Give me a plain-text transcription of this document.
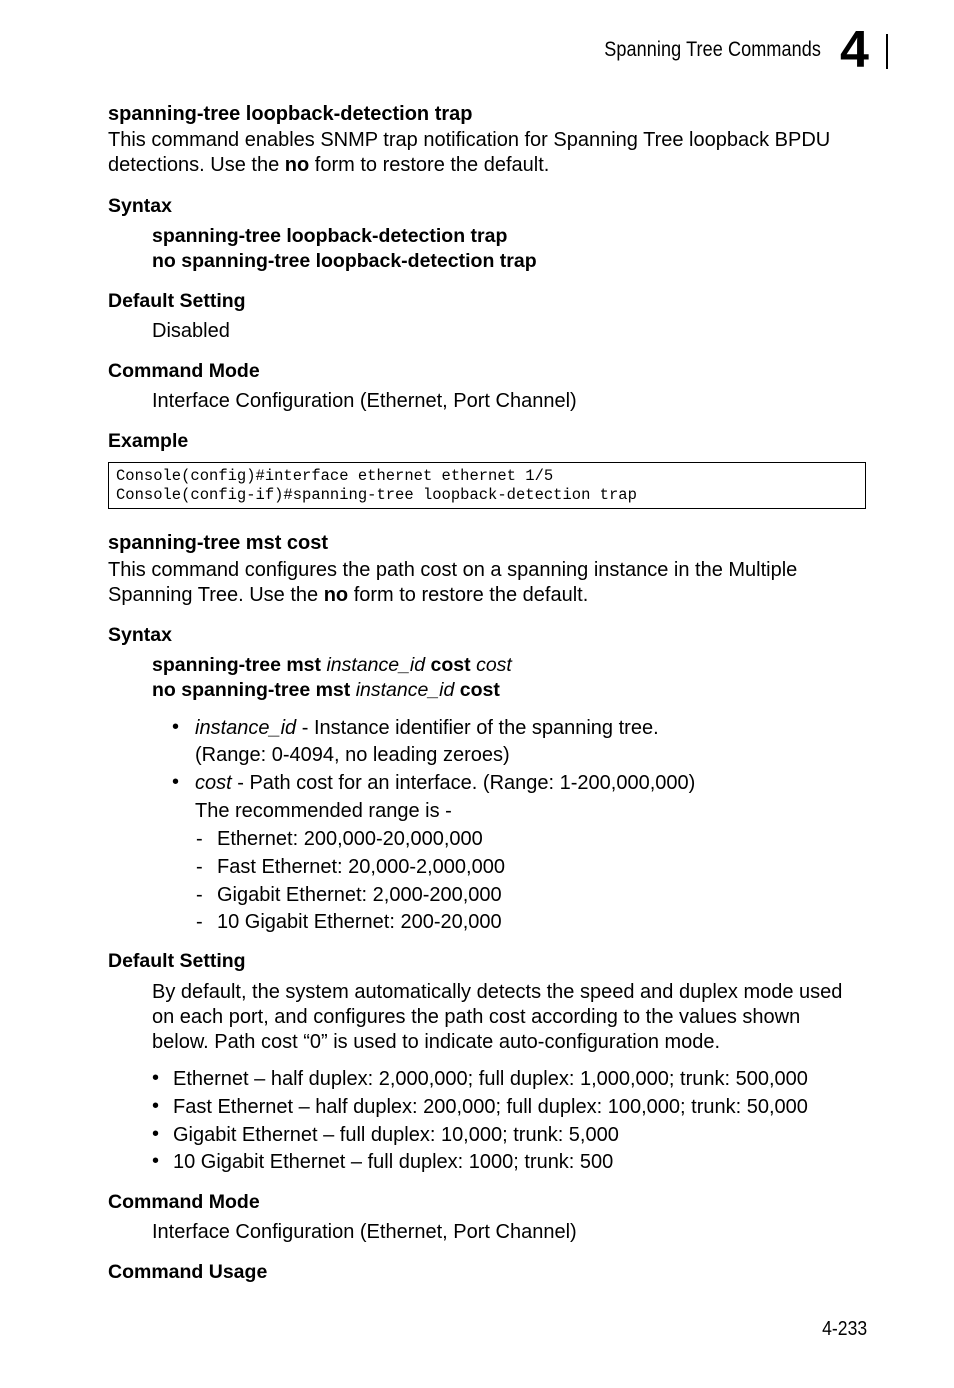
Spanning Tree Commands 4
spanning-tree loopback-detection trap
This command enables SNMP trap notification for Spanning Tree loopback BPDU detections. Use the no form to restore the default.
Syntax
spanning-tree loopback-detection trap
no spanning-tree loopback-detection trap
Default Setting
Disabled
Command Mode
Interface Configuration (Ethernet, Port Channel)
Example
Console(config)#interface ethernet ethernet 1/5
Console(config-if)#spanning-tree loopback-detection trap
spanning-tree mst cost
This command configures the path cost on a spanning instance in the Multiple
Spanning Tree. Use the no form to restore the default.
Syntax
spanning-tree mst instance_id cost cost
no spanning-tree mst instance_id cost
• instance_id - Instance identifier of the spanning tree.
(Range: 0-4094, no leading zeroes)
• cost - Path cost for an interface. (Range: 1-200,000,000)
The recommended range is -
- Ethernet: 200,000-20,000,000
- Fast Ethernet: 20,000-2,000,000
- Gigabit Ethernet: 2,000-200,000
- 10 Gigabit Ethernet: 200-20,000
Default Setting
By default, the system automatically detects the speed and duplex mode used
on each port, and configures the path cost according to the values shown
below. Path cost “0” is used to indicate auto-configuration mode.
• Ethernet – half duplex: 2,000,000; full duplex: 1,000,000; trunk: 500,000
• Fast Ethernet – half duplex: 200,000; full duplex: 100,000; trunk: 50,000
• Gigabit Ethernet – full duplex: 10,000; trunk: 5,000
• 10 Gigabit Ethernet – full duplex: 1000; trunk: 500
Command Mode
Interface Configuration (Ethernet, Port Channel)
Command Usage
4-233
